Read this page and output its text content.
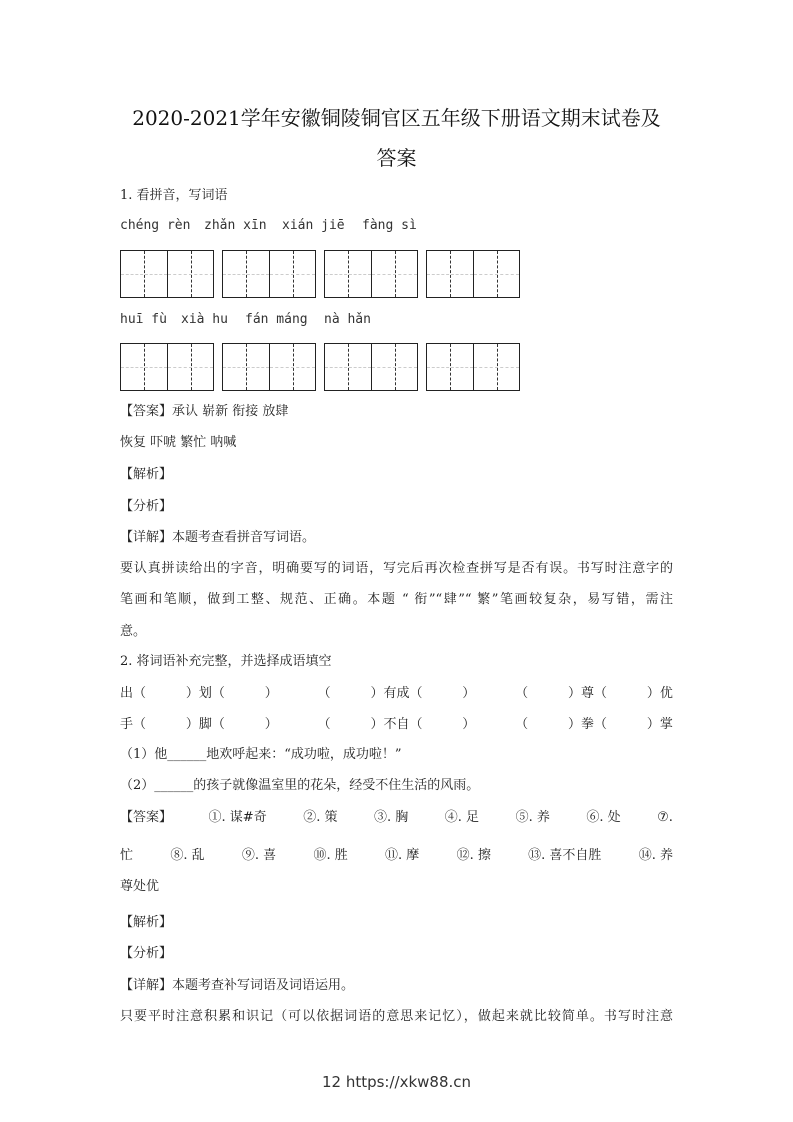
2020-2021学年安徽铜陵铜官区五年级下册语文期末试卷及
答案
1. 看拼音，写词语
chéng rèn zhǎn xīn xián jiē fàng sì
huī fù xià hu fán máng nà hǎn
【答案】承认 崭新 衔接 放肆
恢复 吓唬 繁忙 呐喊
【解析】
【分析】
【详解】本题考查看拼音写词语。
要认真拼读给出的字音，明确要写的词语，写完后再次检查拼写是否有误。书写时注意字的
笔画和笔顺，做到工整、规范、正确。本题 “ 衔”“肆”“ 繁”笔画较复杂，易写错，需注
意。
2. 将词语补充完整，并选择成语填空
出（	）划（	）	（	）有成（	）	（	）尊（	）优
手（	）脚（	）	（	）不自（	）	（	）拳（	）掌
（1）他______地欢呼起来：“成功啦，成功啦！”
（2）______的孩子就像温室里的花朵，经受不住生活的风雨。
【答案】	①. 谋#奇	②. 策	③. 胸	④. 足	⑤. 养	⑥. 处	⑦.
忙	⑧. 乱	⑨. 喜	⑩. 胜	⑪. 摩	⑫. 擦	⑬. 喜不自胜	⑭. 养
尊处优
【解析】
【分析】
【详解】本题考查补写词语及词语运用。
只要平时注意积累和识记（可以依据词语的意思来记忆），做起来就比较简单。书写时注意
12 https://xkw88.cn
